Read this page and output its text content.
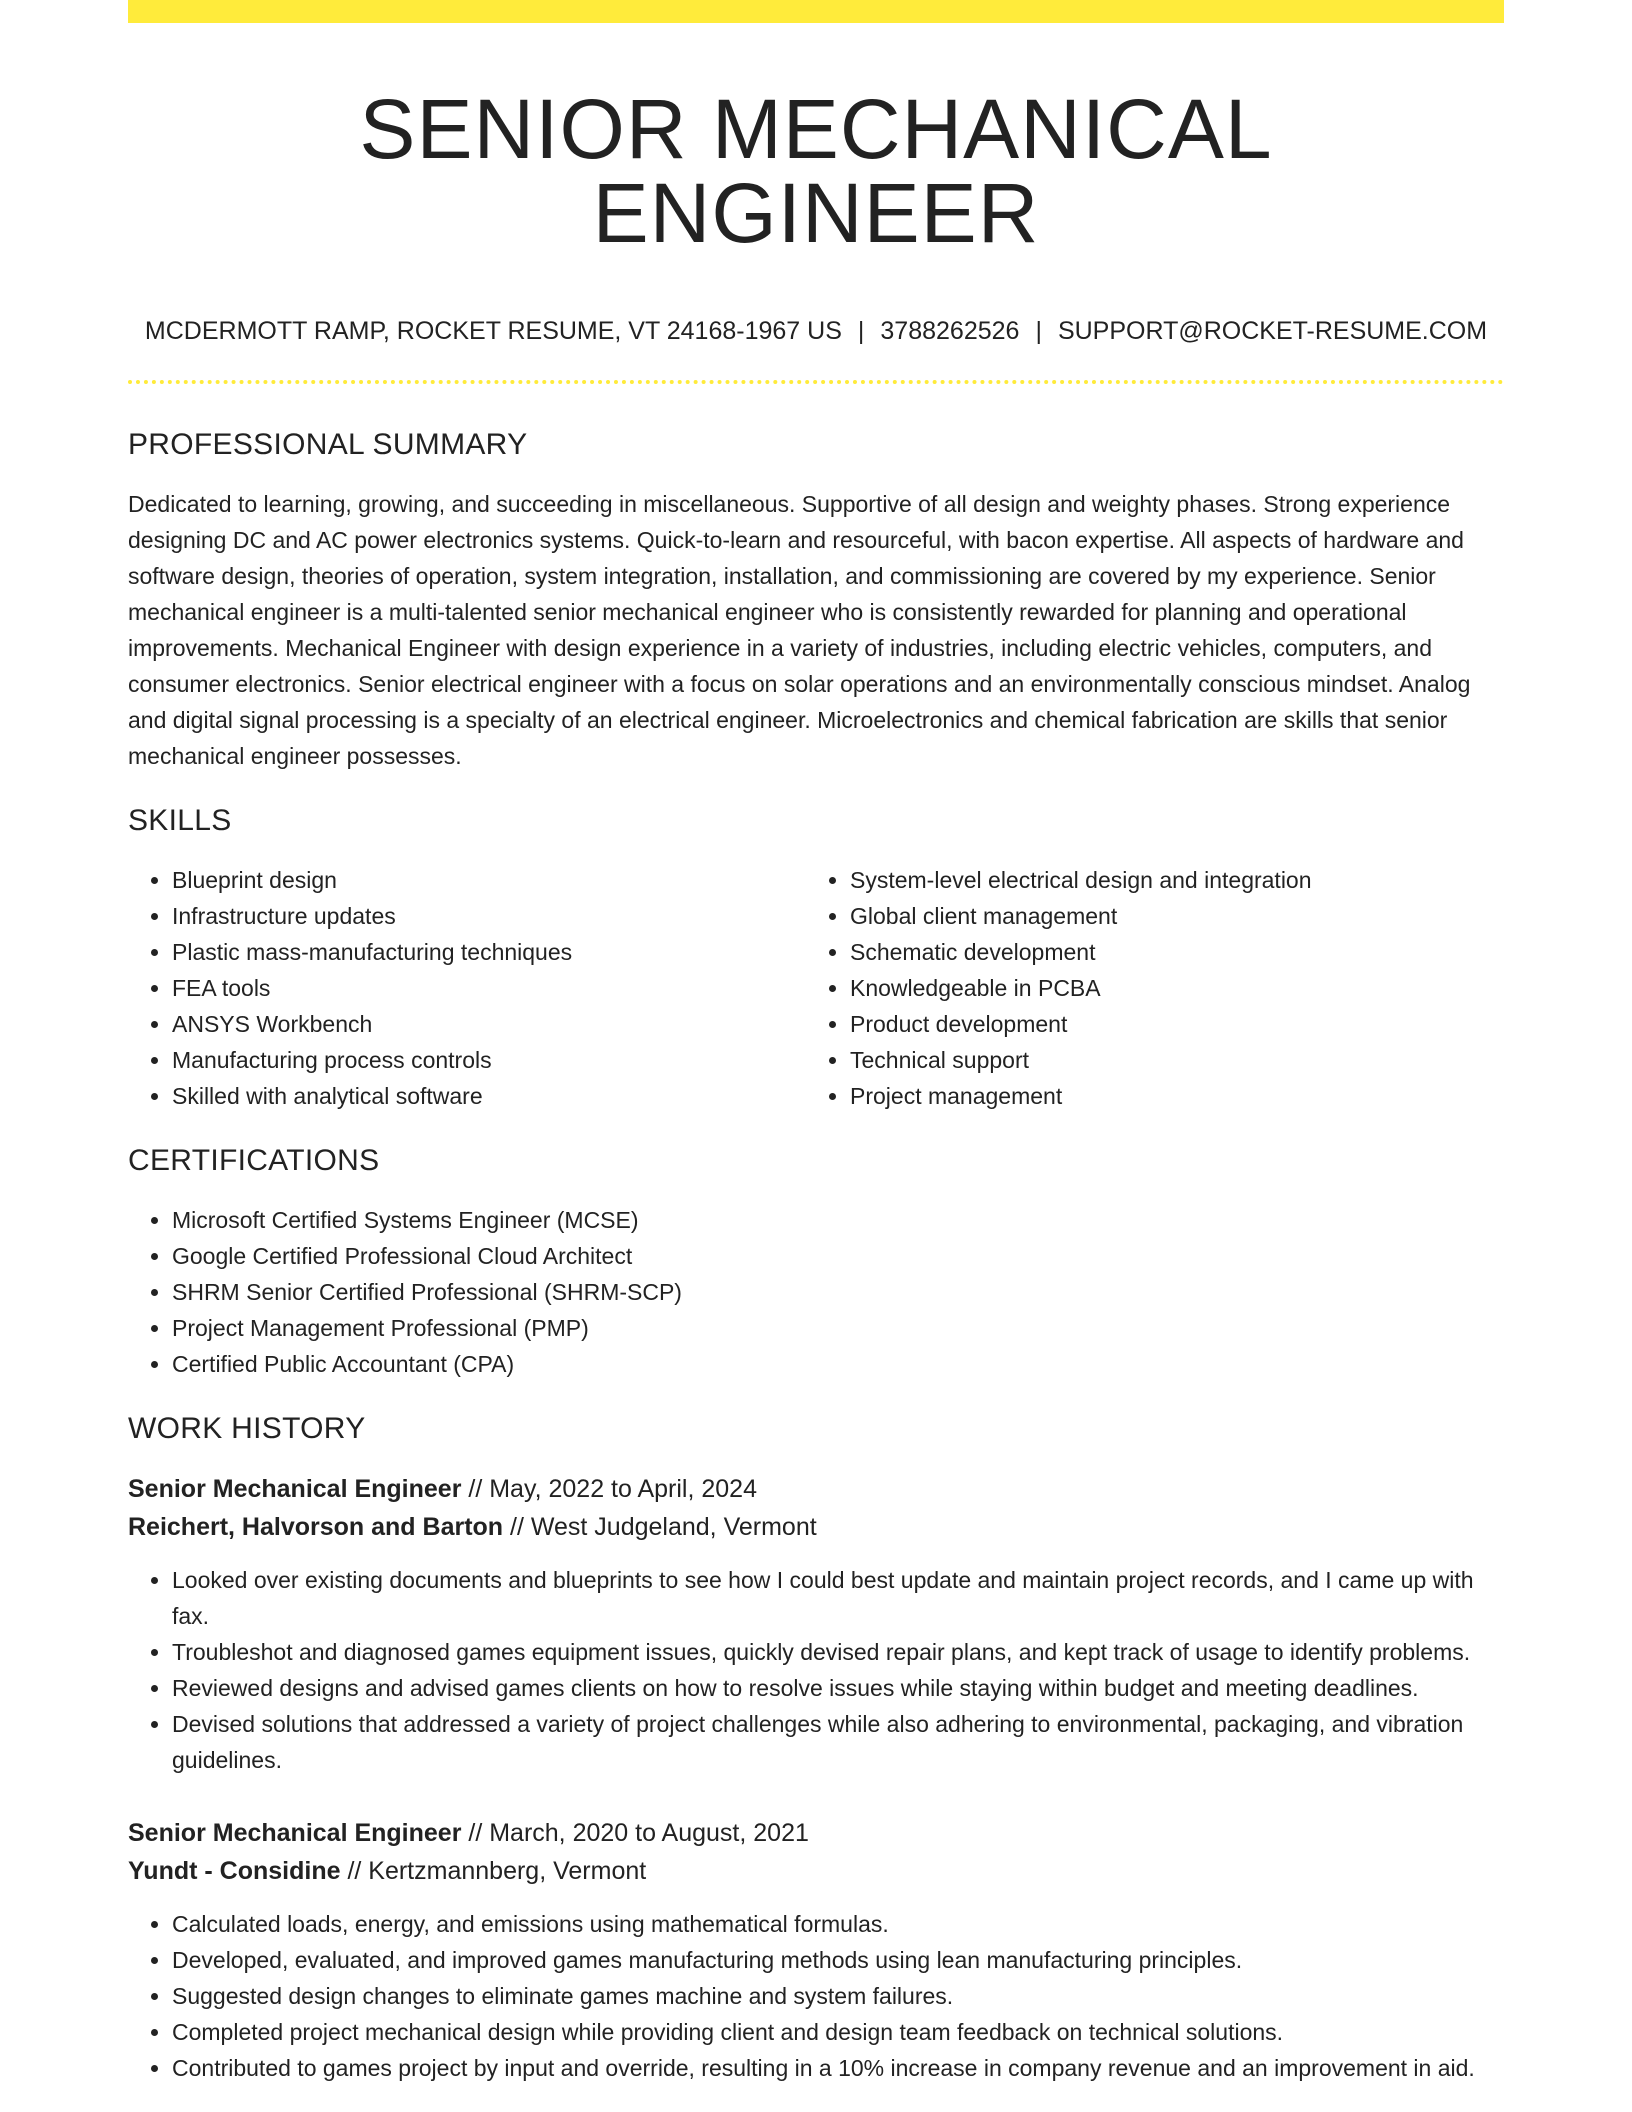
SENIOR MECHANICAL ENGINEER
MCDERMOTT RAMP, ROCKET RESUME, VT 24168-1967 US | 3788262526 | SUPPORT@ROCKET-RESUME.COM
PROFESSIONAL SUMMARY

Dedicated to learning, growing, and succeeding in miscellaneous. Supportive of all design and weighty phases. Strong experience designing DC and AC power electronics systems. Quick-to-learn and resourceful, with bacon expertise. All aspects of hardware and software design, theories of operation, system integration, installation, and commissioning are covered by my experience. Senior mechanical engineer is a multi-talented senior mechanical engineer who is consistently rewarded for planning and operational improvements. Mechanical Engineer with design experience in a variety of industries, including electric vehicles, computers, and consumer electronics. Senior electrical engineer with a focus on solar operations and an environmentally conscious mindset. Analog and digital signal processing is a specialty of an electrical engineer. Microelectronics and chemical fabrication are skills that senior mechanical engineer possesses.

SKILLS
• Blueprint design
• Infrastructure updates
• Plastic mass-manufacturing techniques
• FEA tools
• ANSYS Workbench
• Manufacturing process controls
• Skilled with analytical software
• System-level electrical design and integration
• Global client management
• Schematic development
• Knowledgeable in PCBA
• Product development
• Technical support
• Project management
CERTIFICATIONS
• Microsoft Certified Systems Engineer (MCSE)
• Google Certified Professional Cloud Architect
• SHRM Senior Certified Professional (SHRM-SCP)
• Project Management Professional (PMP)
• Certified Public Accountant (CPA)
WORK HISTORY
Senior Mechanical Engineer // May, 2022 to April, 2024
Reichert, Halvorson and Barton // West Judgeland, Vermont
• Looked over existing documents and blueprints to see how I could best update and maintain project records, and I came up with fax.
• Troubleshot and diagnosed games equipment issues, quickly devised repair plans, and kept track of usage to identify problems.
• Reviewed designs and advised games clients on how to resolve issues while staying within budget and meeting deadlines.
• Devised solutions that addressed a variety of project challenges while also adhering to environmental, packaging, and vibration guidelines.
Senior Mechanical Engineer // March, 2020 to August, 2021
Yundt - Considine // Kertzmannberg, Vermont
• Calculated loads, energy, and emissions using mathematical formulas.
• Developed, evaluated, and improved games manufacturing methods using lean manufacturing principles.
• Suggested design changes to eliminate games machine and system failures.
• Completed project mechanical design while providing client and design team feedback on technical solutions.
• Contributed to games project by input and override, resulting in a 10% increase in company revenue and an improvement in aid.
